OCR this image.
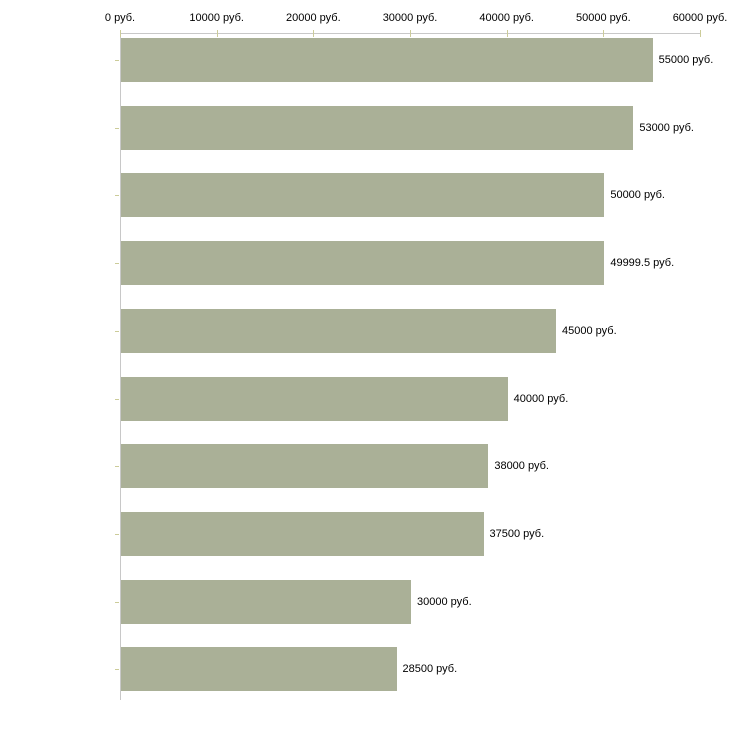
0 руб.	10000 руб.	20000 руб.	30000 руб.	40000 руб.	50000 руб.	60000 руб.
55000 руб.
53000 руб.
50000 руб.
49999.5 руб.
45000 руб.
40000 руб.
38000 руб.
37500 руб.
30000 руб.
28500 руб.
